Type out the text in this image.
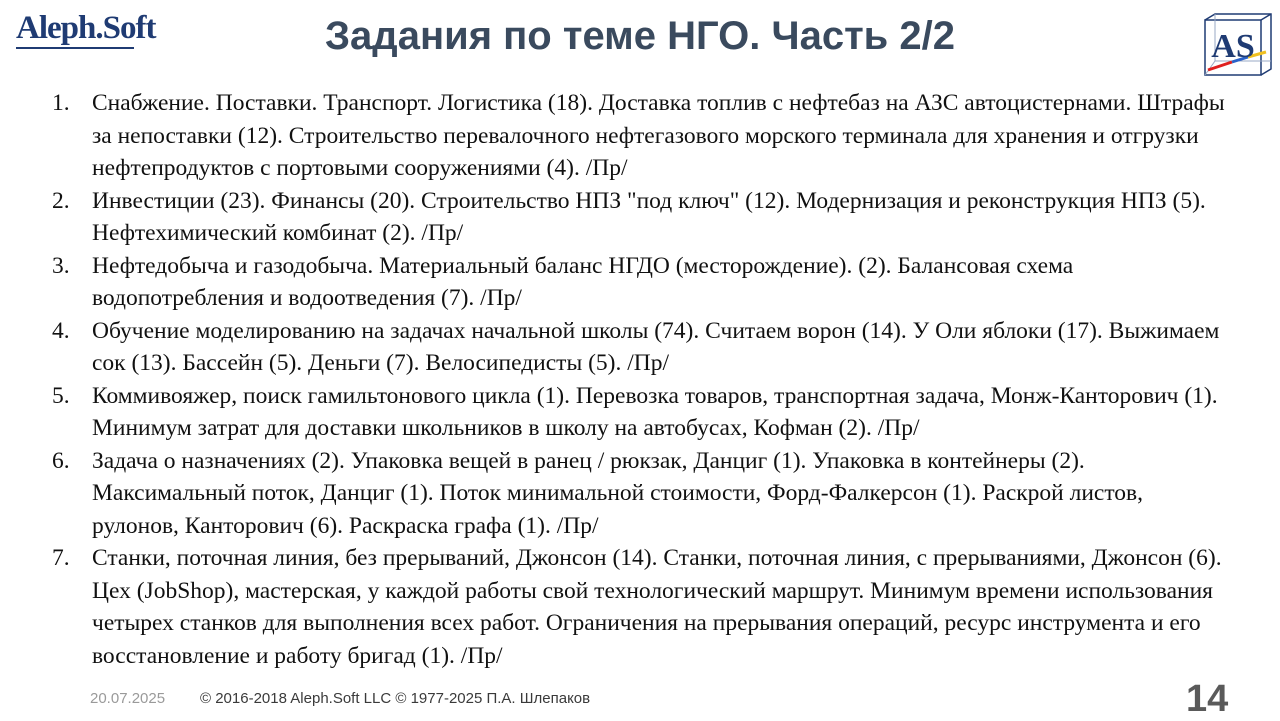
Aleph.Soft	Задания по теме НГО. Часть 2/2	AS
1. Снабжение. Поставки. Транспорт. Логистика (18). Доставка топлив с нефтебаз на АЗС автоцистернами. Штрафы за непоставки (12). Строительство перевалочного нефтегазового морского терминала для хранения и отгрузки нефтепродуктов с портовыми сооружениями (4). /Пр/
2. Инвестиции (23). Финансы (20). Строительство НПЗ "под ключ" (12). Модернизация и реконструкция НПЗ (5). Нефтехимический комбинат (2). /Пр/
3. Нефтедобыча и газодобыча. Материальный баланс НГДО (месторождение). (2). Балансовая схема водопотребления и водоотведения (7). /Пр/
4. Обучение моделированию на задачах начальной школы (74). Считаем ворон (14). У Оли яблоки (17). Выжимаем сок (13). Бассейн (5). Деньги (7). Велосипедисты (5). /Пр/
5. Коммивояжер, поиск гамильтонового цикла (1). Перевозка товаров, транспортная задача, Монж-Канторович (1). Минимум затрат для доставки школьников в школу на автобусах, Кофман (2). /Пр/
6. Задача о назначениях (2). Упаковка вещей в ранец / рюкзак, Данциг (1). Упаковка в контейнеры (2). Максимальный поток, Данциг (1). Поток минимальной стоимости, Форд-Фалкерсон (1). Раскрой листов, рулонов, Канторович (6). Раскраска графа (1). /Пр/
7. Станки, поточная линия, без прерываний, Джонсон (14). Станки, поточная линия, с прерываниями, Джонсон (6). Цех (JobShop), мастерская, у каждой работы свой технологический маршрут. Минимум времени использования четырех станков для выполнения всех работ. Ограничения на прерывания операций, ресурс инструмента и его восстановление и работу бригад (1). /Пр/
20.07.2025 © 2016-2018 Aleph.Soft LLC © 1977-2025 П.А. Шлепаков	14
